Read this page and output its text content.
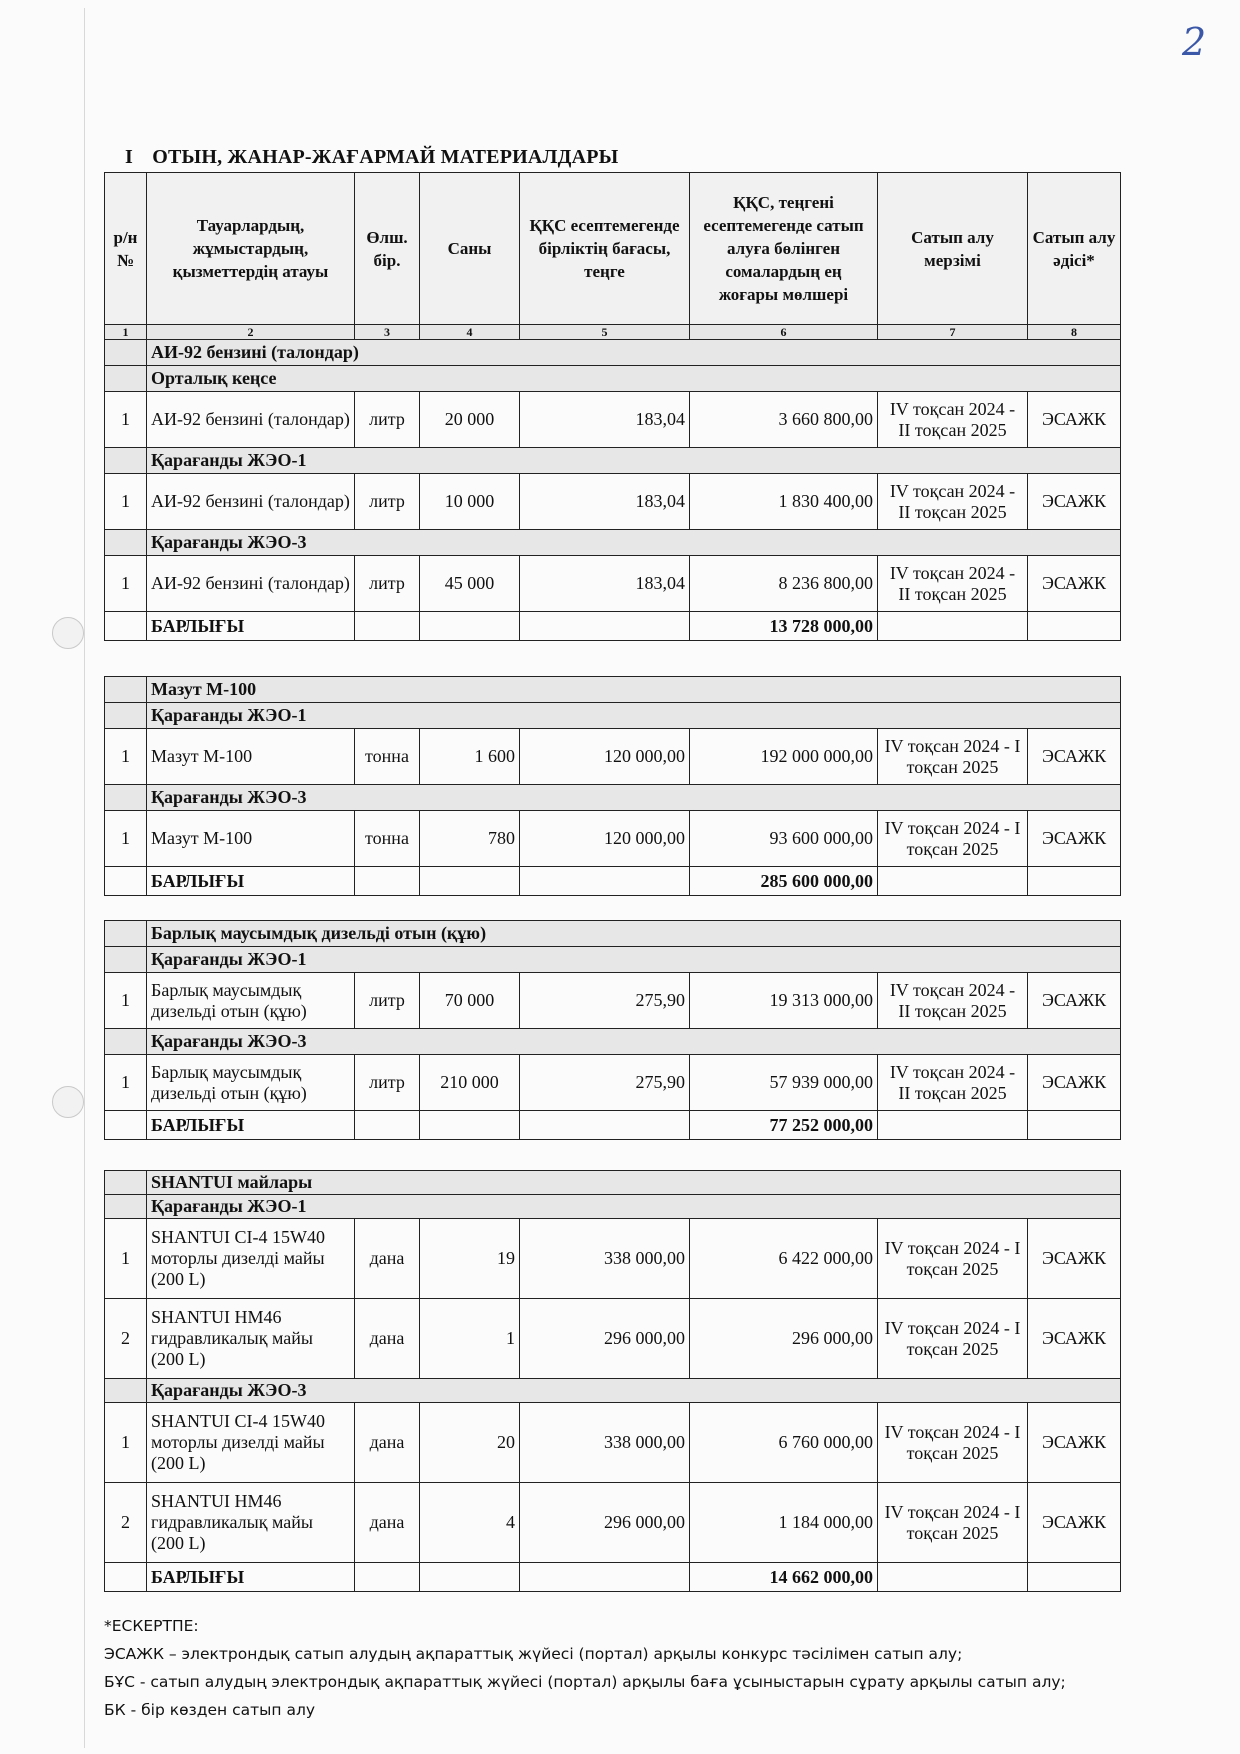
2
I ОТЫН, ЖАНАР-ЖАҒАРМАЙ МАТЕРИАЛДАРЫ
р/н №	Тауарлардың, жұмыстардың, қызметтердің атауы	Өлш. бір.	Саны	ҚҚС есептемегенде бірліктің бағасы, теңге	ҚҚС, теңгені есептемегенде сатып алуға бөлінген сомалардың ең жоғары мөлшері	Сатып алу мерзімі	Сатып алу әдісі*
1	2	3	4	5	6	7	8
	АИ-92 бензині (талондар)						
	Орталық кеңсе						
1	АИ-92 бензині (талондар)	литр	20 000	183,04	3 660 800,00	IV тоқсан 2024 - II тоқсан 2025	ЭСАЖК
	Қарағанды ЖЭО-1						
1	АИ-92 бензині (талондар)	литр	10 000	183,04	1 830 400,00	IV тоқсан 2024 - II тоқсан 2025	ЭСАЖК
	Қарағанды ЖЭО-3						
1	АИ-92 бензині (талондар)	литр	45 000	183,04	8 236 800,00	IV тоқсан 2024 - II тоқсан 2025	ЭСАЖК
	БАРЛЫҒЫ				13 728 000,00		
	Мазут М-100						
	Қарағанды ЖЭО-1						
1	Мазут М-100	тонна	1 600	120 000,00	192 000 000,00	IV тоқсан 2024 - I тоқсан 2025	ЭСАЖК
	Қарағанды ЖЭО-3						
1	Мазут М-100	тонна	780	120 000,00	93 600 000,00	IV тоқсан 2024 - I тоқсан 2025	ЭСАЖК
	БАРЛЫҒЫ				285 600 000,00		
	Барлық маусымдық дизельді отын (құю)						
	Қарағанды ЖЭО-1						
1	Барлық маусымдық дизельді отын (құю)	литр	70 000	275,90	19 313 000,00	IV тоқсан 2024 - II тоқсан 2025	ЭСАЖК
	Қарағанды ЖЭО-3						
1	Барлық маусымдық дизельді отын (құю)	литр	210 000	275,90	57 939 000,00	IV тоқсан 2024 - II тоқсан 2025	ЭСАЖК
	БАРЛЫҒЫ				77 252 000,00		
	SHANTUI майлары						
	Қарағанды ЖЭО-1						
1	SHANTUI CI-4 15W40 моторлы дизелді майы (200 L)	дана	19	338 000,00	6 422 000,00	IV тоқсан 2024 - I тоқсан 2025	ЭСАЖК
2	SHANTUI HM46 гидравликалық майы (200 L)	дана	1	296 000,00	296 000,00	IV тоқсан 2024 - I тоқсан 2025	ЭСАЖК
	Қарағанды ЖЭО-3						
1	SHANTUI CI-4 15W40 моторлы дизелді майы (200 L)	дана	20	338 000,00	6 760 000,00	IV тоқсан 2024 - I тоқсан 2025	ЭСАЖК
2	SHANTUI HM46 гидравликалық майы (200 L)	дана	4	296 000,00	1 184 000,00	IV тоқсан 2024 - I тоқсан 2025	ЭСАЖК
	БАРЛЫҒЫ				14 662 000,00		
*ЕСКЕРТПЕ:
ЭСАЖК – электрондық сатып алудың ақпараттық жүйесі (портал) арқылы конкурс тәсілімен сатып алу;
БҰС - сатып алудың электрондық ақпараттық жүйесі (портал) арқылы баға ұсыныстарын сұрату арқылы сатып алу;
БК - бір көзден сатып алу
